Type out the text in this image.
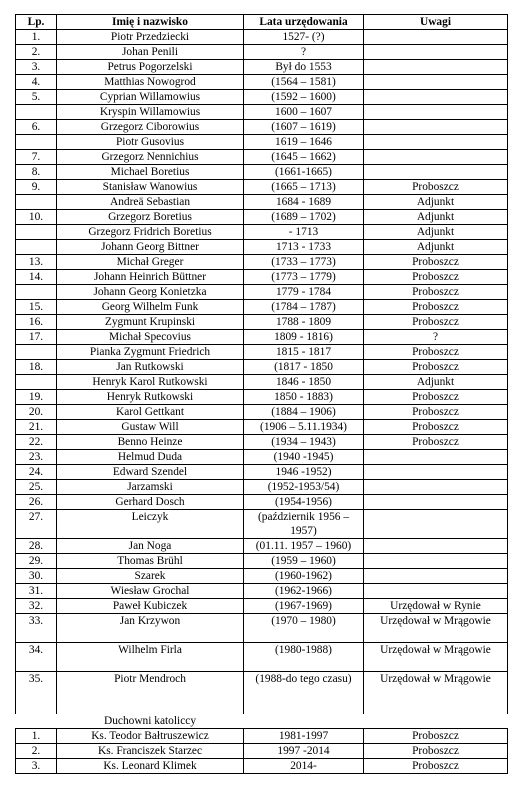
Lp.	Imię i nazwisko	Lata urzędowania	Uwagi
1.	Piotr Przedziecki	1527- (?)	
2.	Johan Penili	?	
3.	Petrus Pogorzelski	Był do 1553	
4.	Matthias Nowogrod	(1564 – 1581)	
5.	Cyprian Willamowius	(1592 – 1600)	
	Kryspin Willamowius	1600 – 1607	
6.	Grzegorz Ciborowius	(1607 – 1619)	
	Piotr Gusovius	1619 – 1646	
7.	Grzegorz Nennichius	(1645 – 1662)	
8.	Michael Boretius	(1661-1665)	
9.	Stanisław Wanowius	(1665 – 1713)	Proboszcz
	Andreä Sebastian	1684 - 1689	Adjunkt
10.	Grzegorz Boretius	(1689 – 1702)	Adjunkt
	Grzegorz Fridrich Boretius	- 1713	Adjunkt
	Johann Georg Bittner	1713 - 1733	Adjunkt
13.	Michał Greger	(1733 – 1773)	Proboszcz
14.	Johann Heinrich Büttner	(1773 – 1779)	Proboszcz
	Johann Georg Konietzka	1779 - 1784	Proboszcz
15.	Georg Wilhelm Funk	(1784 – 1787)	Proboszcz
16.	Zygmunt Krupinski	1788 - 1809	Proboszcz
17.	Michał Specovius	1809 - 1816)	?
	Pianka Zygmunt Friedrich	1815 - 1817	Proboszcz
18.	Jan Rutkowski	(1817 - 1850	Proboszcz
	Henryk Karol Rutkowski	1846 - 1850	Adjunkt
19.	Henryk Rutkowski	1850 - 1883)	Proboszcz
20.	Karol Gettkant	(1884 – 1906)	Proboszcz
21.	Gustaw Will	(1906 – 5.11.1934)	Proboszcz
22.	Benno Heinze	(1934 – 1943)	Proboszcz
23.	Helmud Duda	(1940 -1945)	
24.	Edward Szendel	1946 -1952)	
25.	Jarzamski	(1952-1953/54)	
26.	Gerhard Dosch	(1954-1956)	
27.	Leiczyk	(październik 1956 – 1957)	
28.	Jan Noga	(01.11. 1957 – 1960)	
29.	Thomas Brühl	(1959 – 1960)	
30.	Szarek	(1960-1962)	
31.	Wiesław Grochal	(1962-1966)	
32.	Paweł Kubiczek	(1967-1969)	Urzędował w Rynie
33.	Jan Krzywon	(1970 – 1980)	Urzędował w Mrągowie
34.	Wilhelm Firla	(1980-1988)	Urzędował w Mrągowie
35.	Piotr Mendroch	(1988-do tego czasu)	Urzędował w Mrągowie

	Duchowni katoliccy		
1.	Ks. Teodor Bałtruszewicz	1981-1997	Proboszcz
2.	Ks. Franciszek Starzec	1997 -2014	Proboszcz
3.	Ks. Leonard Klimek	2014-	Proboszcz
